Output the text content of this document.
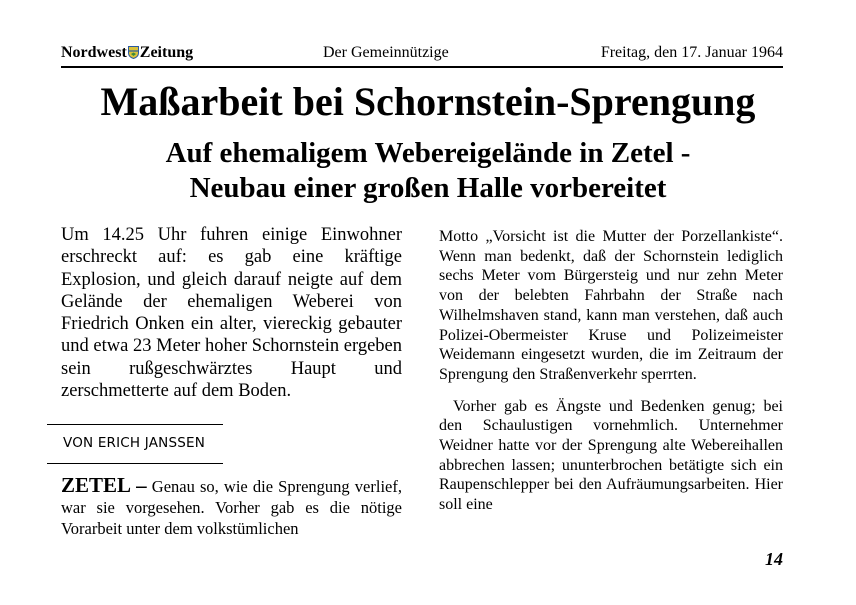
Nordwest Zeitung	Der Gemeinnützige	Freitag, den 17. Januar 1964
Maßarbeit bei Schornstein-Sprengung
Auf ehemaligem Webereigelände in Zetel -
Neubau einer großen Halle vorbereitet

Um 14.25 Uhr fuhren einige Einwohner erschreckt auf: es gab eine kräftige Explosion, und gleich darauf neigte auf dem Gelände der ehemaligen Weberei von Friedrich Onken ein alter, viereckig gebauter und etwa 23 Meter hoher Schornstein ergeben sein rußgeschwärztes Haupt und zerschmetterte auf dem Boden.

VON ERICH JANSSEN

ZETEL – Genau so, wie die Sprengung verlief, war sie vorgesehen. Vorher gab es die nötige Vorarbeit unter dem volkstümlichen

Motto „Vorsicht ist die Mutter der Porzellankiste“. Wenn man bedenkt, daß der Schornstein lediglich sechs Meter vom Bürgersteig und nur zehn Meter von der belebten Fahrbahn der Straße nach Wilhelmshaven stand, kann man verstehen, daß auch Polizei-Obermeister Kruse und Polizeimeister Weidemann eingesetzt wurden, die im Zeitraum der Sprengung den Straßenverkehr sperrten.

Vorher gab es Ängste und Bedenken genug; bei den Schaulustigen vornehmlich. Unternehmer Weidner hatte vor der Sprengung alte Webereihallen abbrechen lassen; ununterbrochen betätigte sich ein Raupenschlepper bei den Aufräumungsarbeiten. Hier soll eine

14
